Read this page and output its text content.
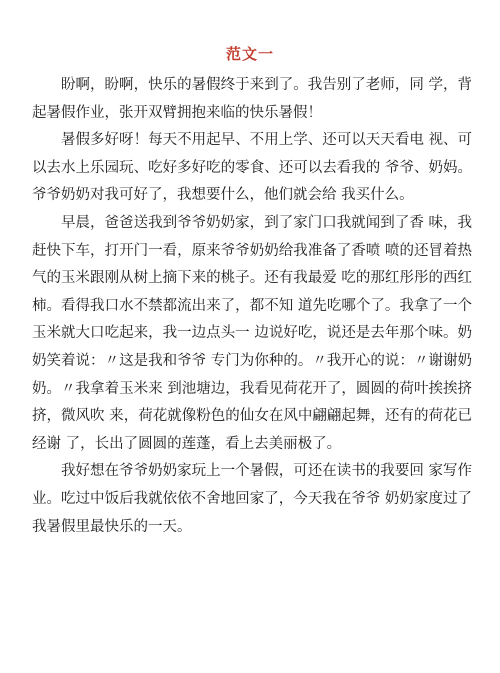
范文一

盼啊，盼啊，快乐的暑假终于来到了。我告别了老师，同 学，背起暑假作业，张开双臂拥抱来临的快乐暑假！

暑假多好呀！每天不用起早、不用上学、还可以天天看电 视、可以去水上乐园玩、吃好多好吃的零食、还可以去看我的 爷爷、奶妈。爷爷奶奶对我可好了，我想要什么，他们就会给 我买什么。

早晨，爸爸送我到爷爷奶奶家，到了家门口我就闻到了香 味，我赶快下车，打开门一看，原来爷爷奶奶给我准备了香喷 喷的还冒着热气的玉米跟刚从树上摘下来的桃子。还有我最爱 吃的那红彤彤的西红柿。看得我口水不禁都流出来了，都不知 道先吃哪个了。我拿了一个玉米就大口吃起来，我一边点头一 边说好吃，说还是去年那个味。奶奶笑着说：〃这是我和爷爷 专门为你种的。〃我开心的说：〃谢谢奶奶。〃我拿着玉米来 到池塘边，我看见荷花开了，圆圆的荷叶挨挨挤挤，微风吹 来，荷花就像粉色的仙女在风中翩翩起舞，还有的荷花已经谢 了，长出了圆圆的莲蓬，看上去美丽极了。

我好想在爷爷奶奶家玩上一个暑假，可还在读书的我要回 家写作业。吃过中饭后我就依依不舍地回家了，今天我在爷爷 奶奶家度过了我暑假里最快乐的一天。
